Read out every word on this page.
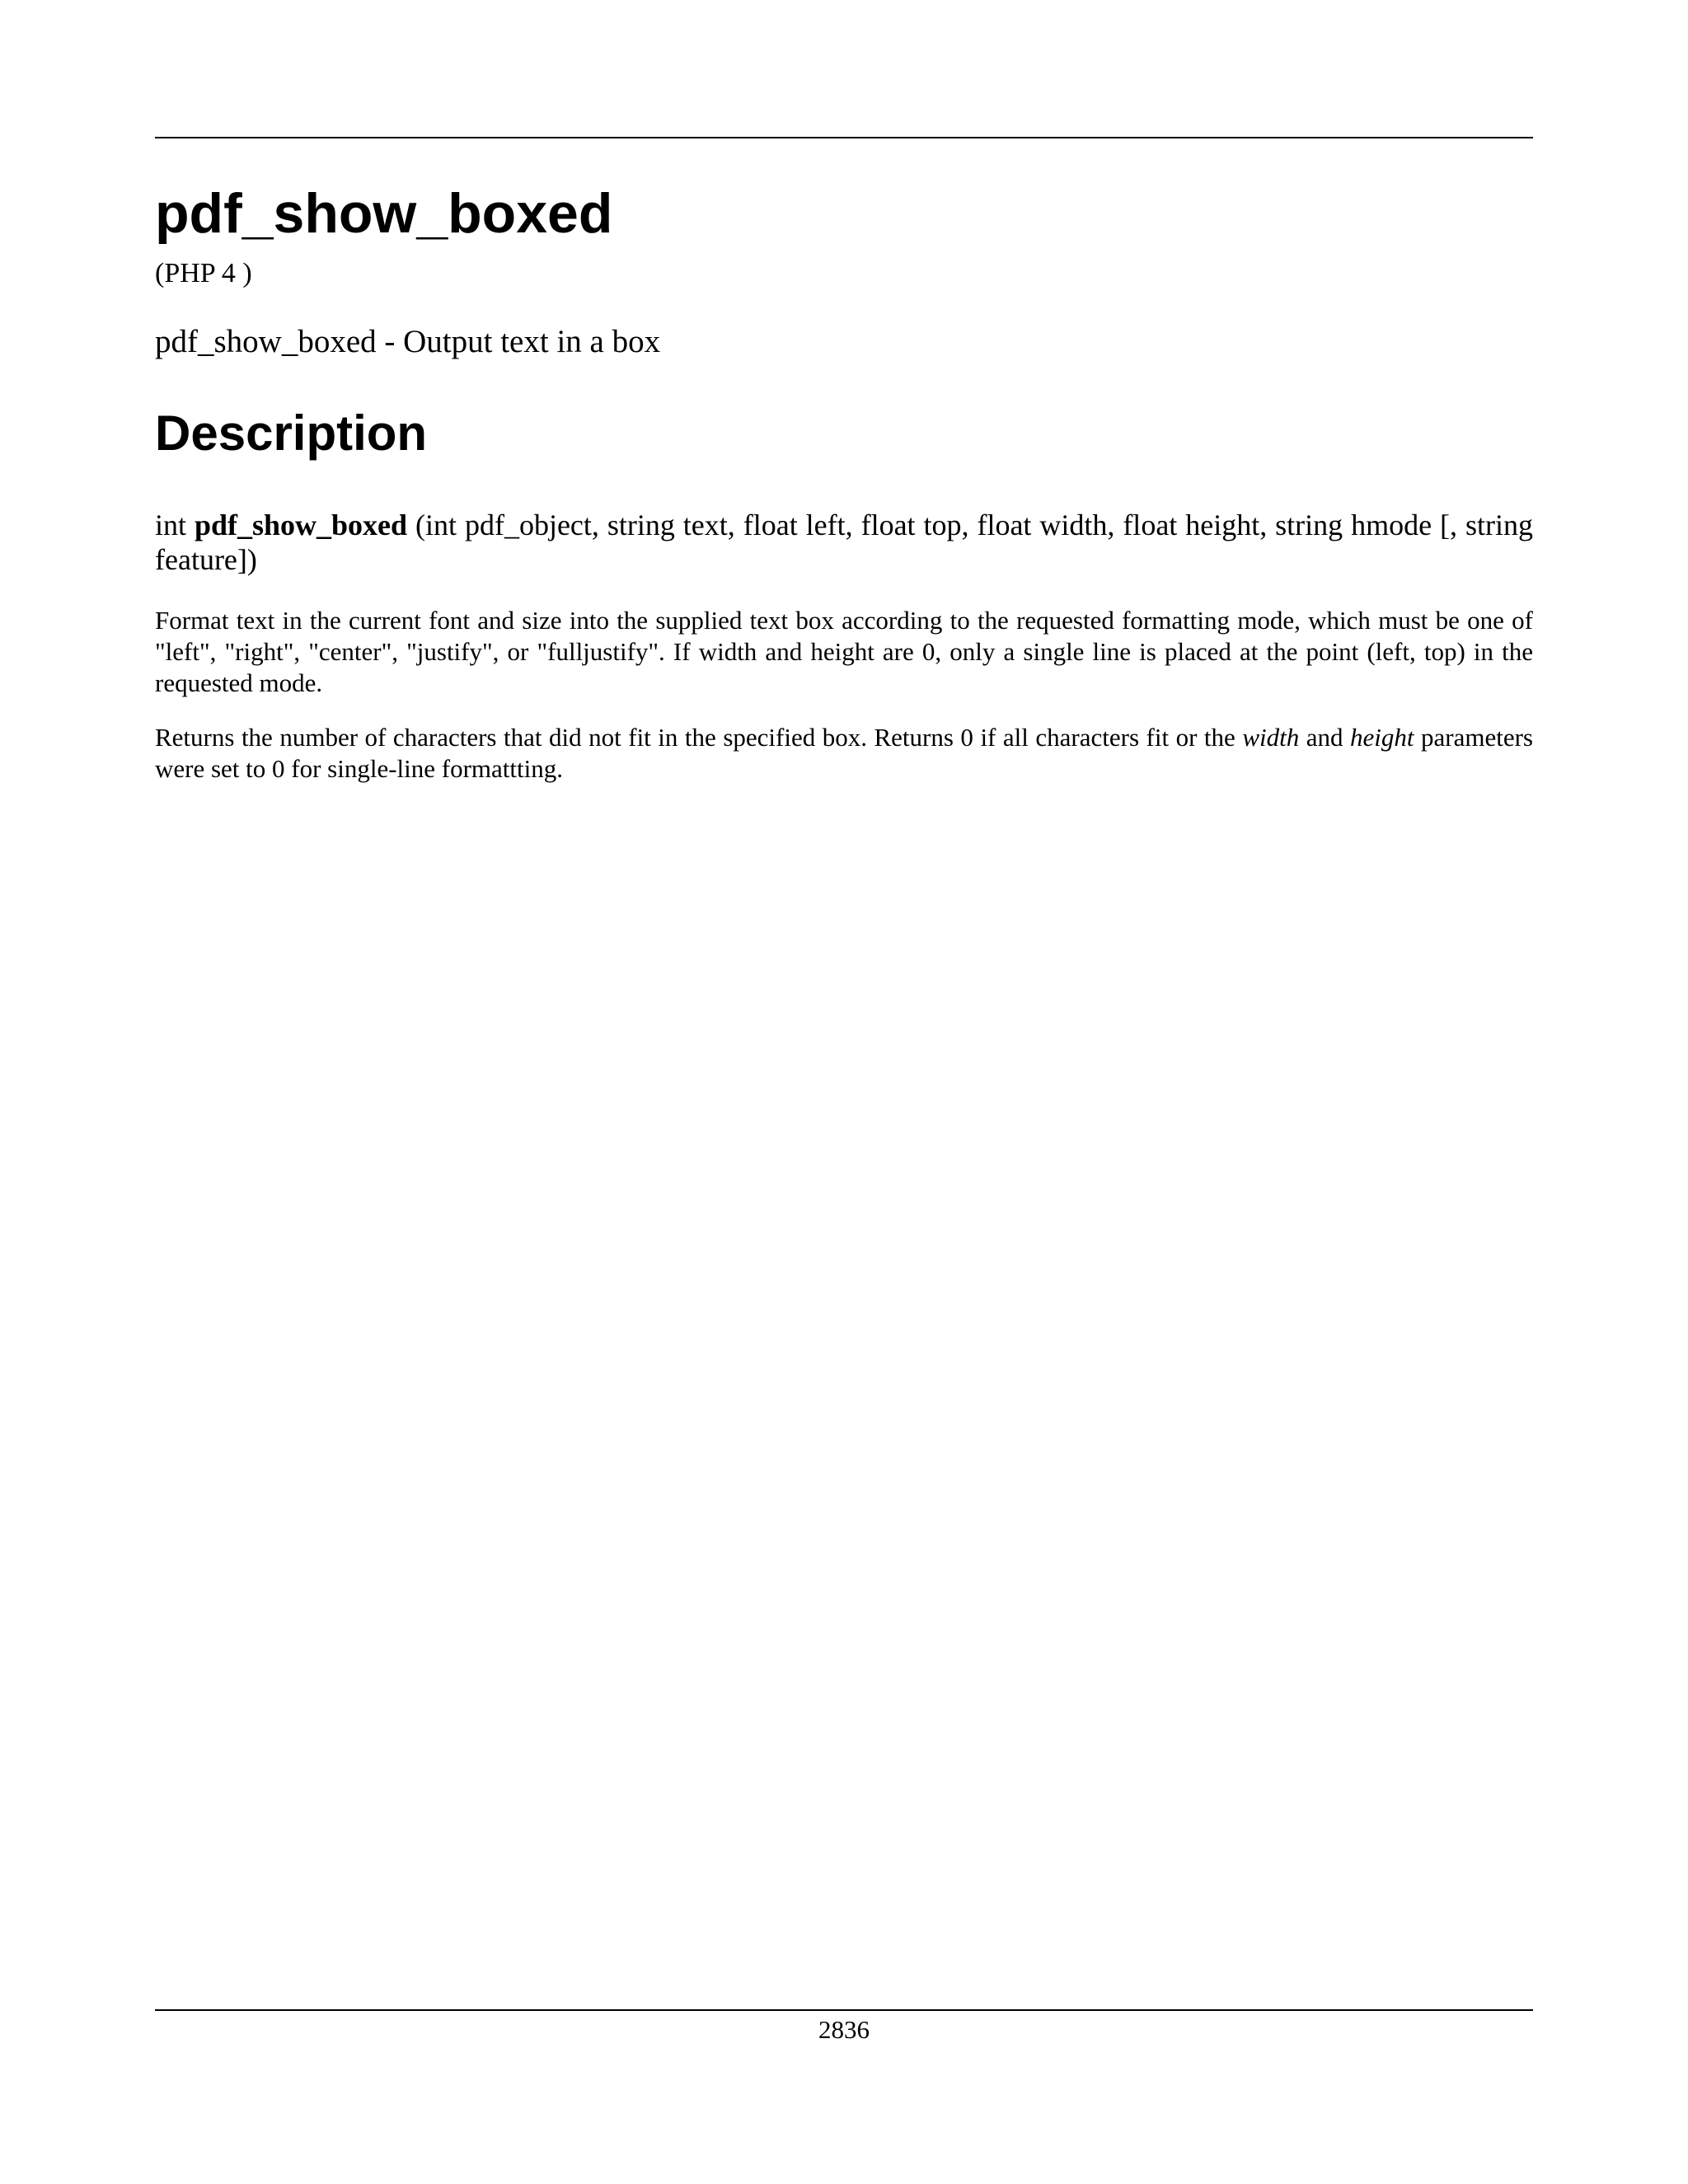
pdf_show_boxed
(PHP 4 )
pdf_show_boxed - Output text in a box
Description

int pdf_show_boxed (int pdf_object, string text, float left, float top, float width, float height, string hmode [, string feature])

Format text in the current font and size into the supplied text box according to the requested formatting mode, which must be one of "left", "right", "center", "justify", or "fulljustify". If width and height are 0, only a single line is placed at the point (left, top) in the requested mode.

Returns the number of characters that did not fit in the specified box. Returns 0 if all characters fit or the width and height parameters were set to 0 for single-line formattting.

2836
